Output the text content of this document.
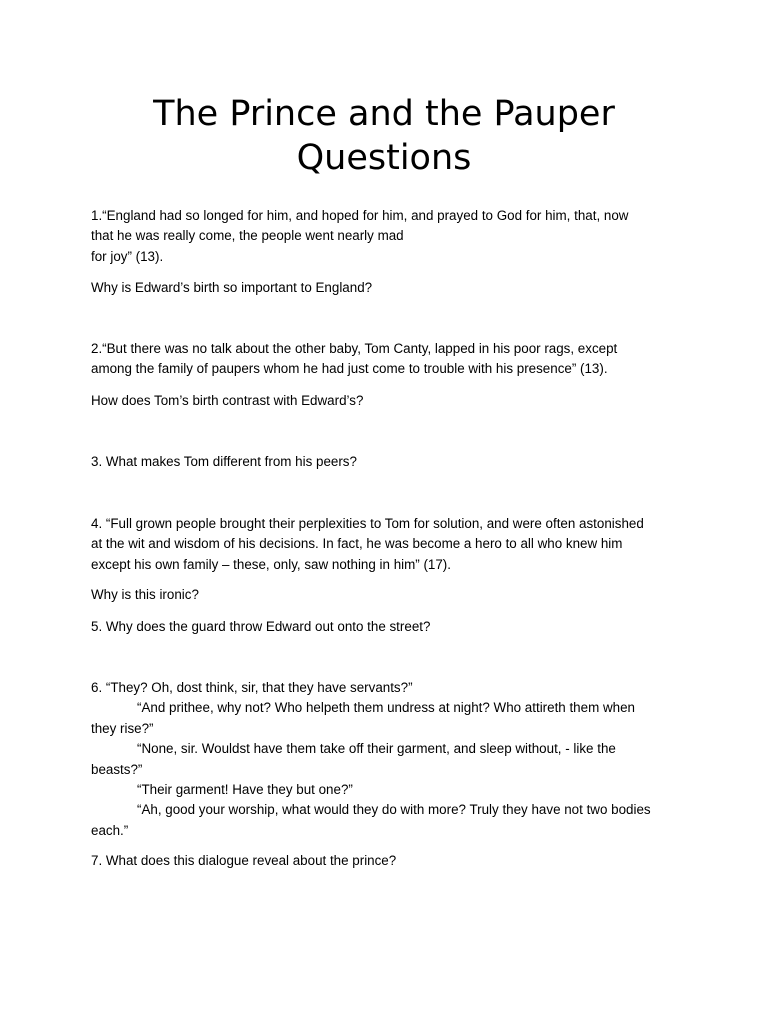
The Prince and the Pauper
Questions
1.“England had so longed for him, and hoped for him, and prayed to God for him, that, now
that he was really come, the people went nearly mad
for joy” (13).
Why is Edward’s birth so important to England?
2.“But there was no talk about the other baby, Tom Canty, lapped in his poor rags, except
among the family of paupers whom he had just come to trouble with his presence” (13).
How does Tom’s birth contrast with Edward’s?
3. What makes Tom different from his peers?
4. “Full grown people brought their perplexities to Tom for solution, and were often astonished
at the wit and wisdom of his decisions. In fact, he was become a hero to all who knew him
except his own family – these, only, saw nothing in him” (17).
Why is this ironic?
5. Why does the guard throw Edward out onto the street?
6. “They? Oh, dost think, sir, that they have servants?”
“And prithee, why not? Who helpeth them undress at night? Who attireth them when
they rise?”
“None, sir. Wouldst have them take off their garment, and sleep without, - like the
beasts?”
“Their garment! Have they but one?”
“Ah, good your worship, what would they do with more? Truly they have not two bodies
each.”
7. What does this dialogue reveal about the prince?
